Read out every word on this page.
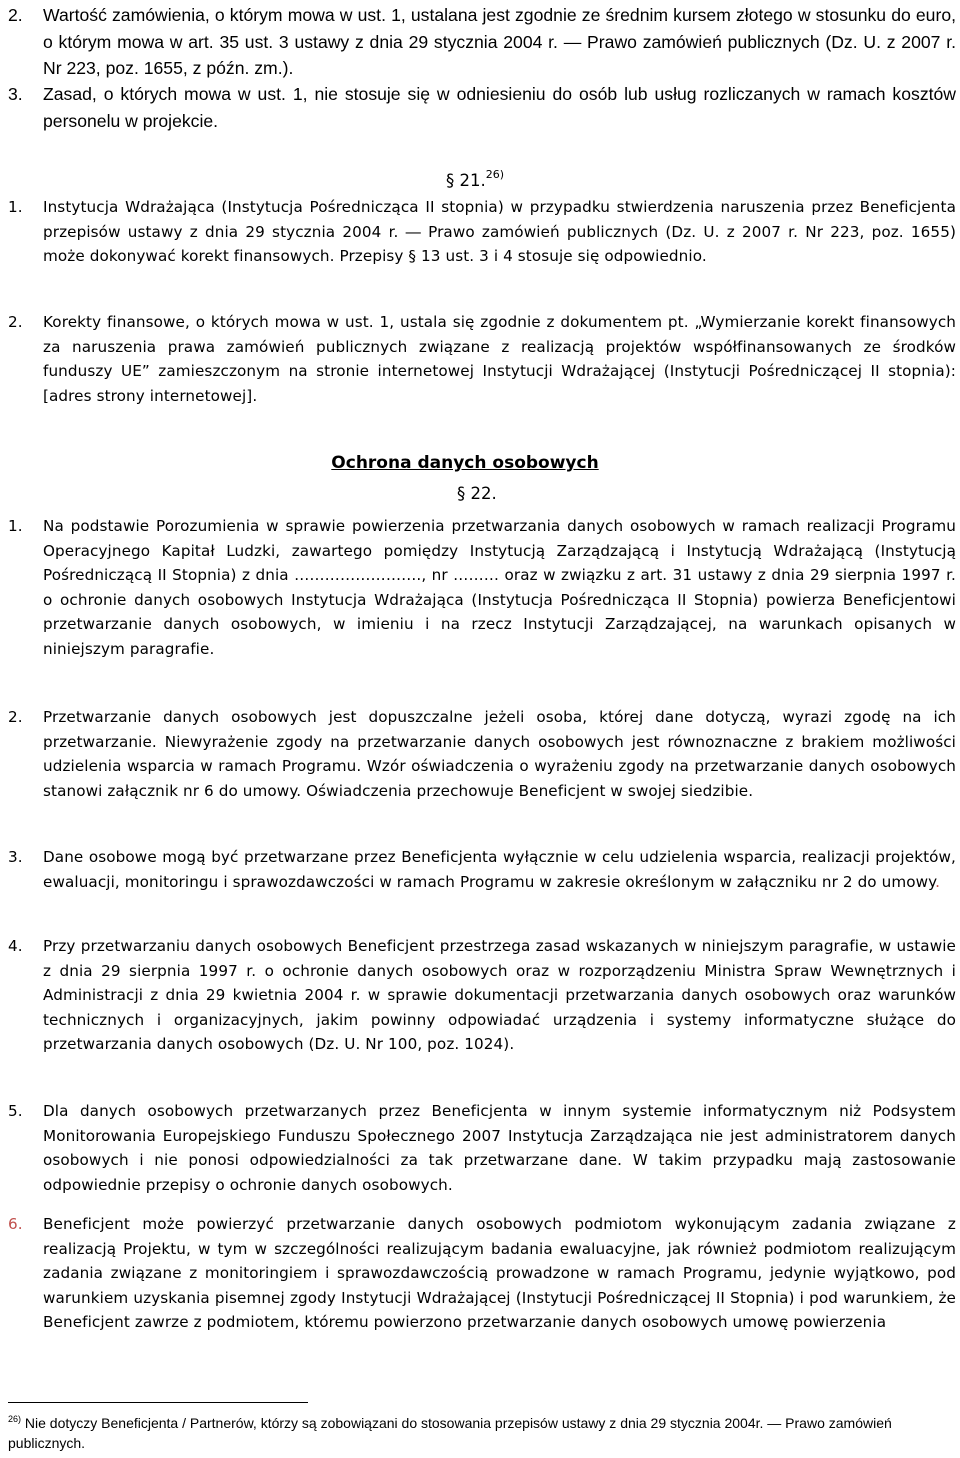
2. Wartość zamówienia, o którym mowa w ust. 1, ustalana jest zgodnie ze średnim kursem złotego w stosunku do euro, o którym mowa w art. 35 ust. 3 ustawy z dnia 29 stycznia 2004 r. ― Prawo zamówień publicznych (Dz. U. z 2007 r. Nr 223, poz. 1655, z późn. zm.).
3. Zasad, o których mowa w ust. 1, nie stosuje się w odniesieniu do osób lub usług rozliczanych w ramach kosztów personelu w projekcie.
§ 21.$^{26)}$
1. Instytucja Wdrażająca (Instytucja Pośrednicząca II stopnia) w przypadku stwierdzenia naruszenia przez Beneficjenta przepisów ustawy z dnia 29 stycznia 2004 r. ― Prawo zamówień publicznych (Dz. U. z 2007 r. Nr 223, poz. 1655) może dokonywać korekt finansowych. Przepisy § 13 ust. 3 i 4 stosuje się odpowiednio.
2. Korekty finansowe, o których mowa w ust. 1, ustala się zgodnie z dokumentem pt. „Wymierzanie korekt finansowych za naruszenia prawa zamówień publicznych związane z realizacją projektów współfinansowanych ze środków funduszy UE” zamieszczonym na stronie internetowej Instytucji Wdrażającej (Instytucji Pośredniczącej II stopnia): [adres strony internetowej].
Ochrona danych osobowych
§ 22.
1. Na podstawie Porozumienia w sprawie powierzenia przetwarzania danych osobowych w ramach realizacji Programu Operacyjnego Kapitał Ludzki, zawartego pomiędzy Instytucją Zarządzającą i Instytucją Wdrażającą (Instytucją Pośredniczącą II Stopnia) z dnia ……………………., nr ……… oraz w związku z art. 31 ustawy z dnia 29 sierpnia 1997 r. o ochronie danych osobowych Instytucja Wdrażająca (Instytucja Pośrednicząca II Stopnia) powierza Beneficjentowi przetwarzanie danych osobowych, w imieniu i na rzecz Instytucji Zarządzającej, na warunkach opisanych w niniejszym paragrafie.
2. Przetwarzanie danych osobowych jest dopuszczalne jeżeli osoba, której dane dotyczą, wyrazi zgodę na ich przetwarzanie. Niewyrażenie zgody na przetwarzanie danych osobowych jest równoznaczne z brakiem możliwości udzielenia wsparcia w ramach Programu. Wzór oświadczenia o wyrażeniu zgody na przetwarzanie danych osobowych stanowi załącznik nr 6 do umowy. Oświadczenia przechowuje Beneficjent w swojej siedzibie.
3. Dane osobowe mogą być przetwarzane przez Beneficjenta wyłącznie w celu udzielenia wsparcia, realizacji projektów, ewaluacji, monitoringu i sprawozdawczości w ramach Programu w zakresie określonym w załączniku nr 2 do umowy.
4. Przy przetwarzaniu danych osobowych Beneficjent przestrzega zasad wskazanych w niniejszym paragrafie, w ustawie z dnia 29 sierpnia 1997 r. o ochronie danych osobowych oraz w rozporządzeniu Ministra Spraw Wewnętrznych i Administracji z dnia 29 kwietnia 2004 r. w sprawie dokumentacji przetwarzania danych osobowych oraz warunków technicznych i organizacyjnych, jakim powinny odpowiadać urządzenia i systemy informatyczne służące do przetwarzania danych osobowych (Dz. U. Nr 100, poz. 1024).
5. Dla danych osobowych przetwarzanych przez Beneficjenta w innym systemie informatycznym niż Podsystem Monitorowania Europejskiego Funduszu Społecznego 2007 Instytucja Zarządzająca nie jest administratorem danych osobowych i nie ponosi odpowiedzialności za tak przetwarzane dane. W takim przypadku mają zastosowanie odpowiednie przepisy o ochronie danych osobowych.
6. Beneficjent może powierzyć przetwarzanie danych osobowych podmiotom wykonującym zadania związane z realizacją Projektu, w tym w szczególności realizującym badania ewaluacyjne, jak również podmiotom realizującym zadania związane z monitoringiem i sprawozdawczością prowadzone w ramach Programu, jedynie wyjątkowo, pod warunkiem uzyskania pisemnej zgody Instytucji Wdrażającej (Instytucji Pośredniczącej II Stopnia) i pod warunkiem, że Beneficjent zawrze z podmiotem, któremu powierzono przetwarzanie danych osobowych umowę powierzenia
$^{26)}$ Nie dotyczy Beneficjenta / Partnerów, którzy są zobowiązani do stosowania przepisów ustawy z dnia 29 stycznia 2004r. ― Prawo zamówień publicznych.
